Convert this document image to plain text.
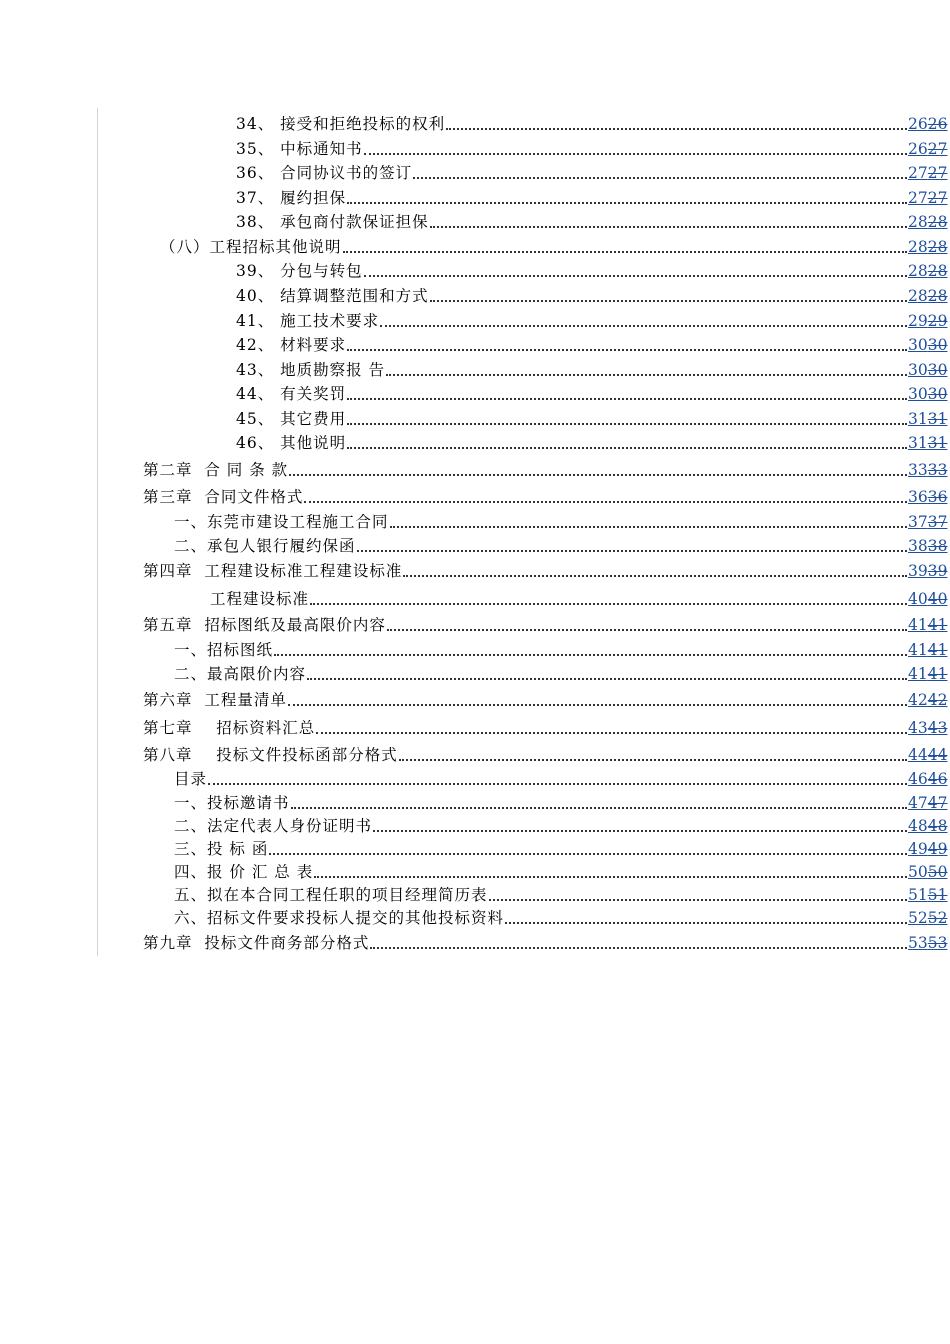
34、 接受和拒绝投标的权利	2626
35、 中标通知书	2627
36、 合同协议书的签订	2727
37、 履约担保	2727
38、 承包商付款保证担保	2828
（八）工程招标其他说明	2828
39、 分包与转包	2828
40、 结算调整范围和方式	2828
41、 施工技术要求	2929
42、 材料要求	3030
43、 地质勘察报 告	3030
44、 有关奖罚	3030
45、 其它费用	3131
46、 其他说明	3131
第二章  合 同 条 款	3333
第三章  合同文件格式	3636
一、东莞市建设工程施工合同	3737
二、承包人银行履约保函	3838
第四章  工程建设标准工程建设标准	3939
工程建设标准	4040
第五章  招标图纸及最高限价内容	4141
一、招标图纸	4141
二、最高限价内容	4141
第六章  工程量清单	4242
第七章    招标资料汇总	4343
第八章    投标文件投标函部分格式	4444
目录	4646
一、投标邀请书	4747
二、法定代表人身份证明书	4848
三、投 标 函	4949
四、报 价 汇 总 表	5050
五、拟在本合同工程任职的项目经理简历表	5151
六、招标文件要求投标人提交的其他投标资料	5252
第九章  投标文件商务部分格式	5353
